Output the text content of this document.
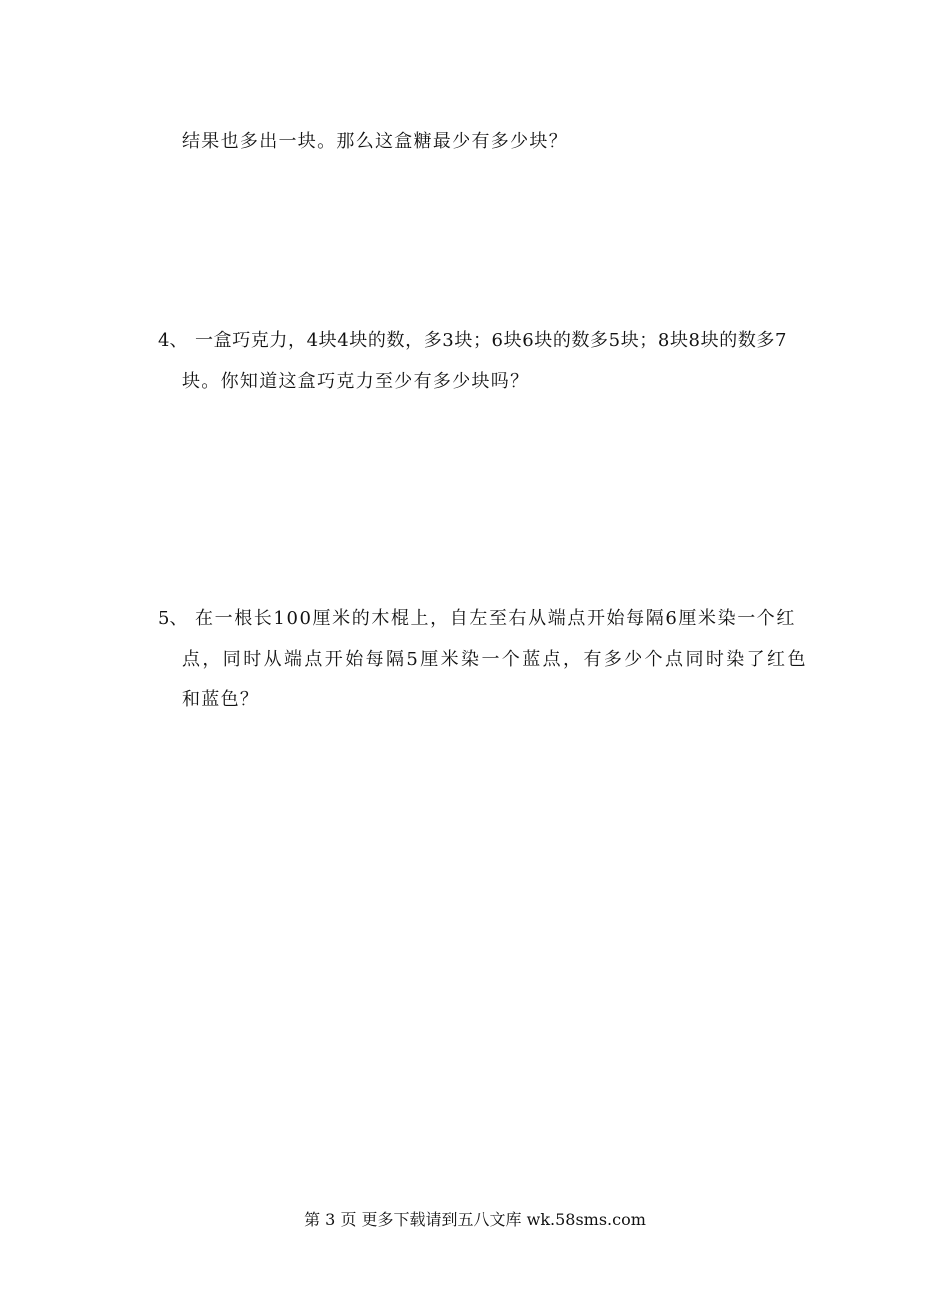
结果也多出一块。那么这盒糖最少有多少块？
4、 一盒巧克力，4块4块的数，多3块；6块6块的数多5块；8块8块的数多7
块。你知道这盒巧克力至少有多少块吗？
5、 在一根长100厘米的木棍上，自左至右从端点开始每隔6厘米染一个红
点，同时从端点开始每隔5厘米染一个蓝点，有多少个点同时染了红色
和蓝色？
第 3 页 更多下载请到五八文库 wk.58sms.com
